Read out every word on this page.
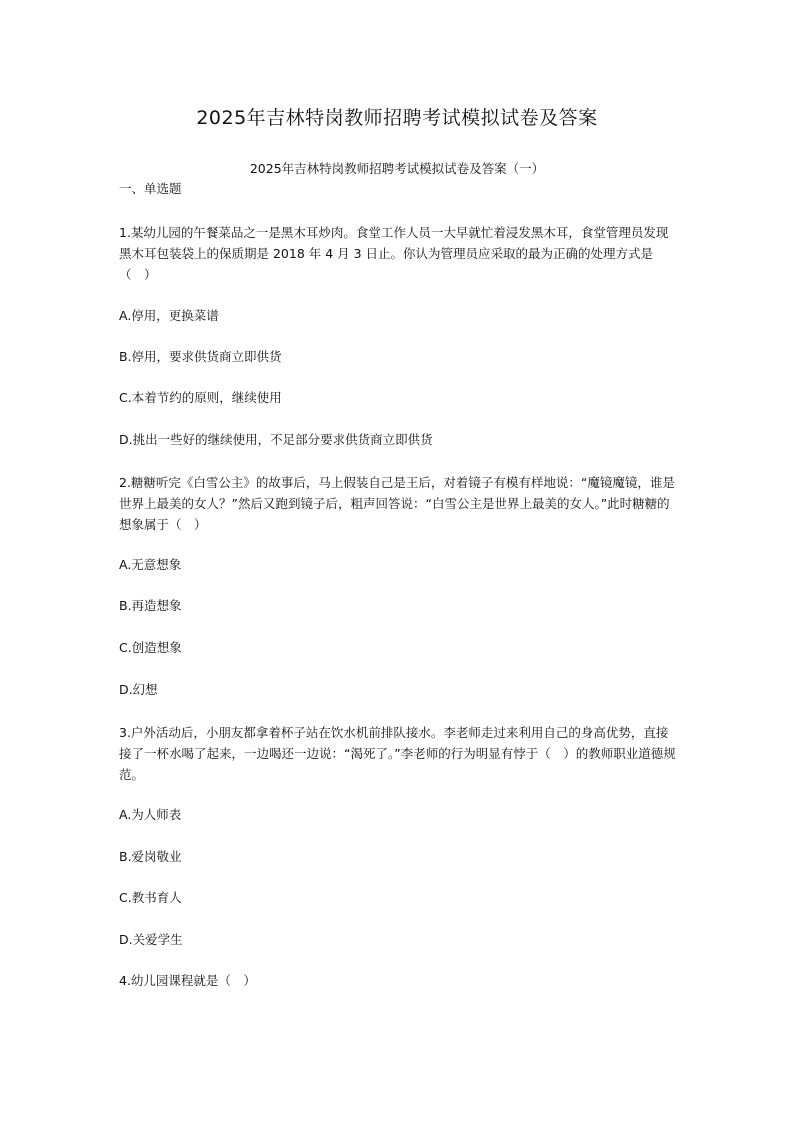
2025年吉林特岗教师招聘考试模拟试卷及答案
2025年吉林特岗教师招聘考试模拟试卷及答案（一）
一、单选题

1.某幼儿园的午餐菜品之一是黑木耳炒肉。食堂工作人员一大早就忙着浸发黑木耳，食堂管理员发现黑木耳包装袋上的保质期是 2018 年 4 月 3 日止。你认为管理员应采取的最为正确的处理方式是（　）

A.停用，更换菜谱

B.停用，要求供货商立即供货

C.本着节约的原则，继续使用

D.挑出一些好的继续使用，不足部分要求供货商立即供货

2.糖糖听完《白雪公主》的故事后，马上假装自己是王后，对着镜子有模有样地说：“魔镜魔镜，谁是世界上最美的女人？”然后又跑到镜子后，粗声回答说：“白雪公主是世界上最美的女人。”此时糖糖的想象属于（　）

A.无意想象

B.再造想象

C.创造想象

D.幻想

3.户外活动后，小朋友都拿着杯子站在饮水机前排队接水。李老师走过来利用自己的身高优势，直接接了一杯水喝了起来，一边喝还一边说：“渴死了。”李老师的行为明显有悖于（　）的教师职业道德规范。

A.为人师表

B.爱岗敬业

C.教书育人

D.关爱学生

4.幼儿园课程就是（　）
